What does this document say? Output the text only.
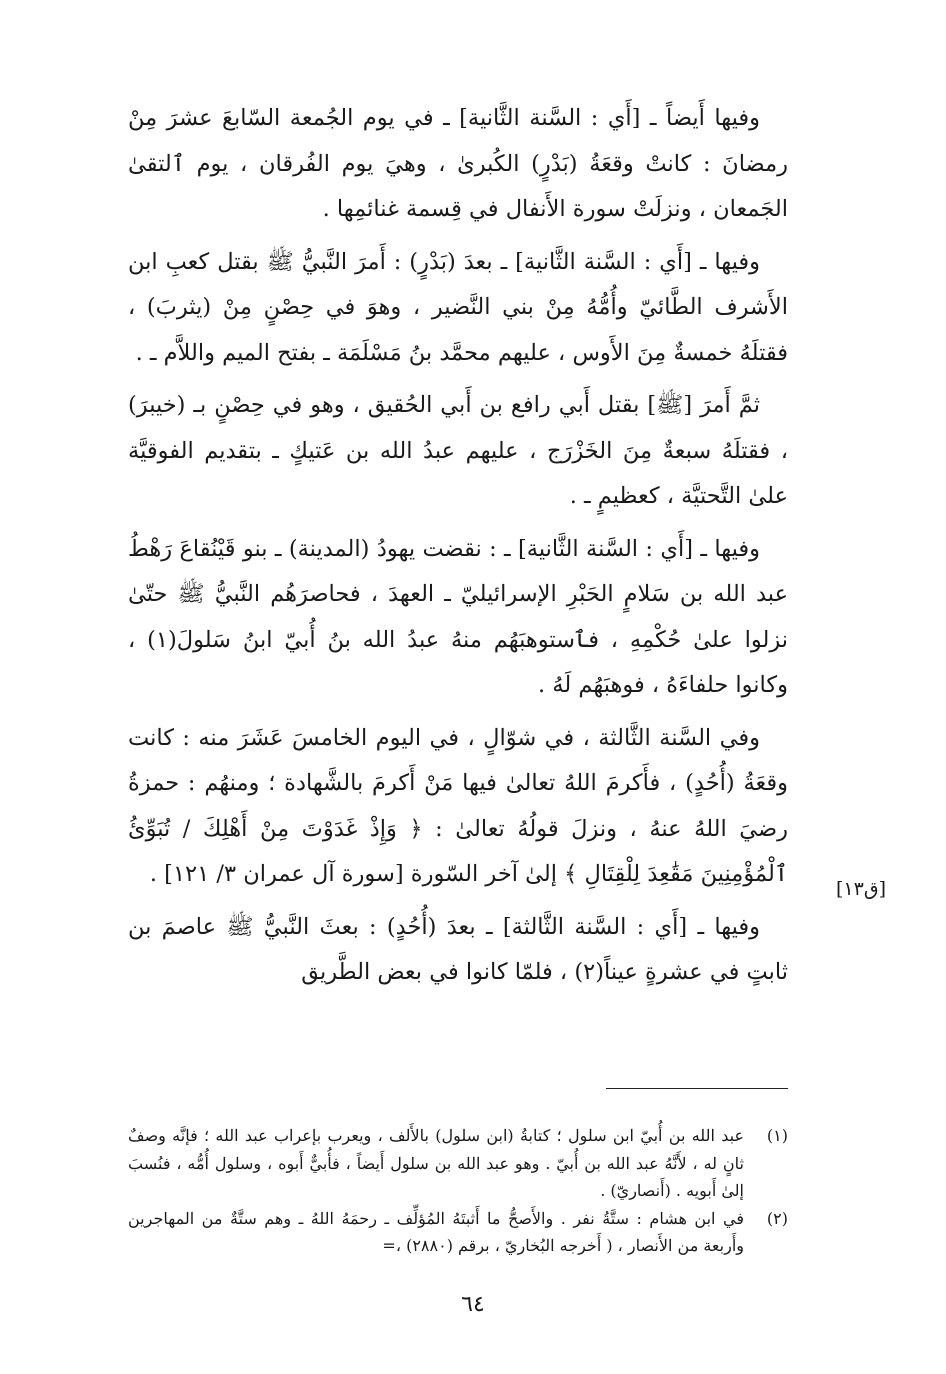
وفيها أَيضاً ـ [أَي : السَّنة الثَّانية] ـ في يوم الجُمعة السّابعَ عشرَ مِنْ رمضانَ : كانتْ وقعَةُ (بَدْرٍ) الكُبرىٰ ، وهيَ يوم الفُرقان ، يوم ٱلتقىٰ الجَمعان ، ونزلَتْ سورة الأَنفال في قِسمة غنائمِها .

وفيها ـ [أَي : السَّنة الثَّانية] ـ بعدَ (بَدْرٍ) : أَمرَ النَّبيُّ ﷺ بقتل كعبِ ابن الأَشرف الطَّائيّ وأُمُّهُ مِنْ بني النَّضير ، وهوَ في حِصْنٍ مِنْ (يثربَ) ، فقتلَهُ خمسةٌ مِنَ الأَوس ، عليهم محمَّد بنُ مَسْلَمَة ـ بفتح الميم واللاَّم ـ .

ثمَّ أَمرَ [ﷺ] بقتل أَبي رافع بن أَبي الحُقيق ، وهو في حِصْنٍ بـ (خيبرَ) ، فقتلَهُ سبعةٌ مِنَ الخَزْرَج ، عليهم عبدُ الله بن عَتيكٍ ـ بتقديم الفوقيَّة علىٰ التَّحتيَّة ، كعظيمٍ ـ .

وفيها ـ [أَي : السَّنة الثَّانية] ـ : نقضت يهودُ (المدينة) ـ بنو قَيْنُقاعَ رَهْطُ عبد الله بن سَلامٍ الحَبْرِ الإسرائيليّ ـ العهدَ ، فحاصرَهُم النَّبيُّ ﷺ حتّىٰ نزلوا علىٰ حُكْمِهِ ، فٱستوهبَهُم منهُ عبدُ الله بنُ أُبيّ ابنُ سَلولَ(١) ، وكانوا حلفاءَهُ ، فوهبَهُم لَهُ .

وفي السَّنة الثَّالثة ، في شوّالٍ ، في اليوم الخامسَ عَشَرَ منه : كانت وقعَةُ (أُحُدٍ) ، فأَكرمَ اللهُ تعالىٰ فيها مَنْ أَكرمَ بالشَّهادة ؛ ومنهُم : حمزةُ رضيَ اللهُ عنهُ ، ونزلَ قولُهُ تعالىٰ : ﴿ وَإِذْ غَدَوْتَ مِنْ أَهْلِكَ / تُبَوِّئُ ٱلْمُؤْمِنِينَ مَقَٰعِدَ لِلْقِتَالِ ﴾ إلىٰ آخر السّورة [سورة آل عمران ٣/ ١٢١] .

وفيها ـ [أَي : السَّنة الثَّالثة] ـ بعدَ (أُحُدٍ) : بعثَ النَّبيُّ ﷺ عاصمَ بن ثابتٍ في عشرةٍ عيناً(٢) ، فلمّا كانوا في بعض الطَّريق

[ق١٣]
(١)
عبد الله بن أُبيّ ابن سلول ؛ كتابةُ (ابن سلول) بالأَلف ، ويعرب بإعراب عبد الله ؛ فإنَّه وصفٌ ثانٍ له ، لأَنَّهُ عبد الله بن أُبيّ . وهو عبد الله بن سلول أَيضاً ، فأُبيٌّ أَبوه ، وسلول أُمُّه ، فنُسبَ إلىٰ أَبويه . (أَنصاريّ) .
(٢)
في ابن هشام : ستَّةُ نفر . والأَصحُّ ما أَثبتَهُ المُؤلِّف ـ رحمَهُ اللهُ ـ وهم ستَّةٌ من المهاجرين وأَربعة من الأَنصار ، ( أَخرجه البُخاريّ ، برقم (٢٨٨٠) ،=
٦٤
